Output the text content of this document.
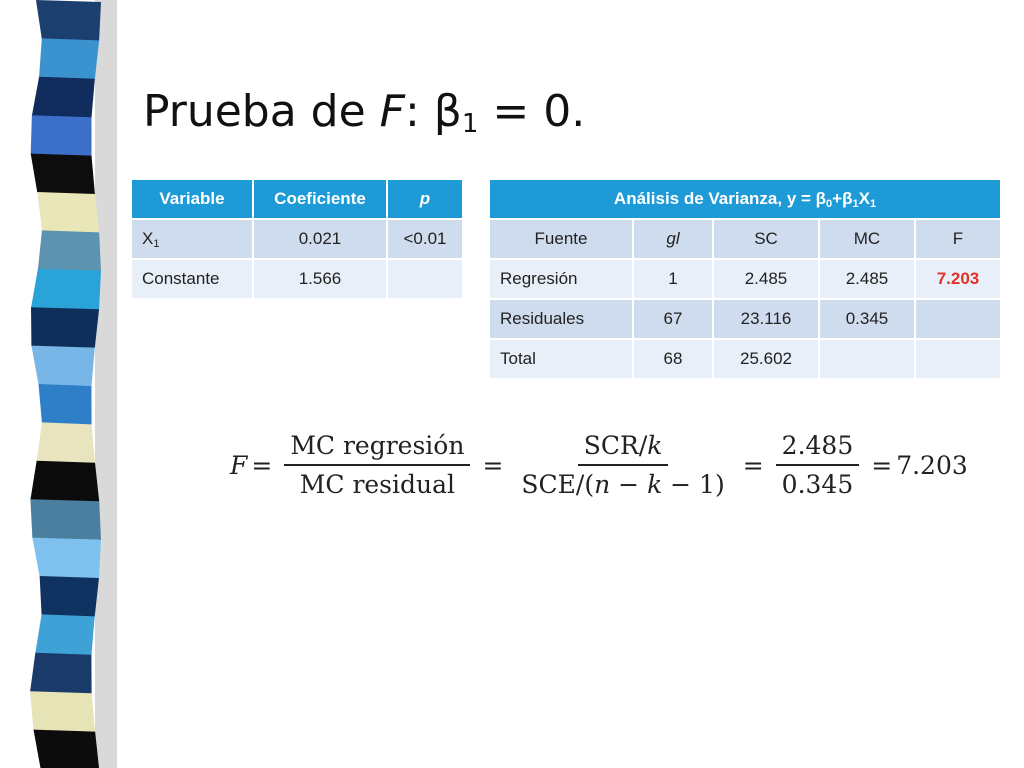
Prueba de F: $\beta_1 = 0$.
Variable	Coeficiente	p
$X_1$	0.021	<0.01
Constante	1.566	
Análisis de Varianza, $y = \beta_0+\beta_1X_1$
Fuente	gl	SC	MC	F
Regresión	1	2.485	2.485	7.203
Residuales	67	23.116	0.345	
Total	68	25.602		
$F = \frac{\text{MC regresión}}{\text{MC residual}} = \frac{\text{SCR/k}}{\text{SCE/(n − k − 1)}} = \frac{2.485}{0.345} = 7.203$
